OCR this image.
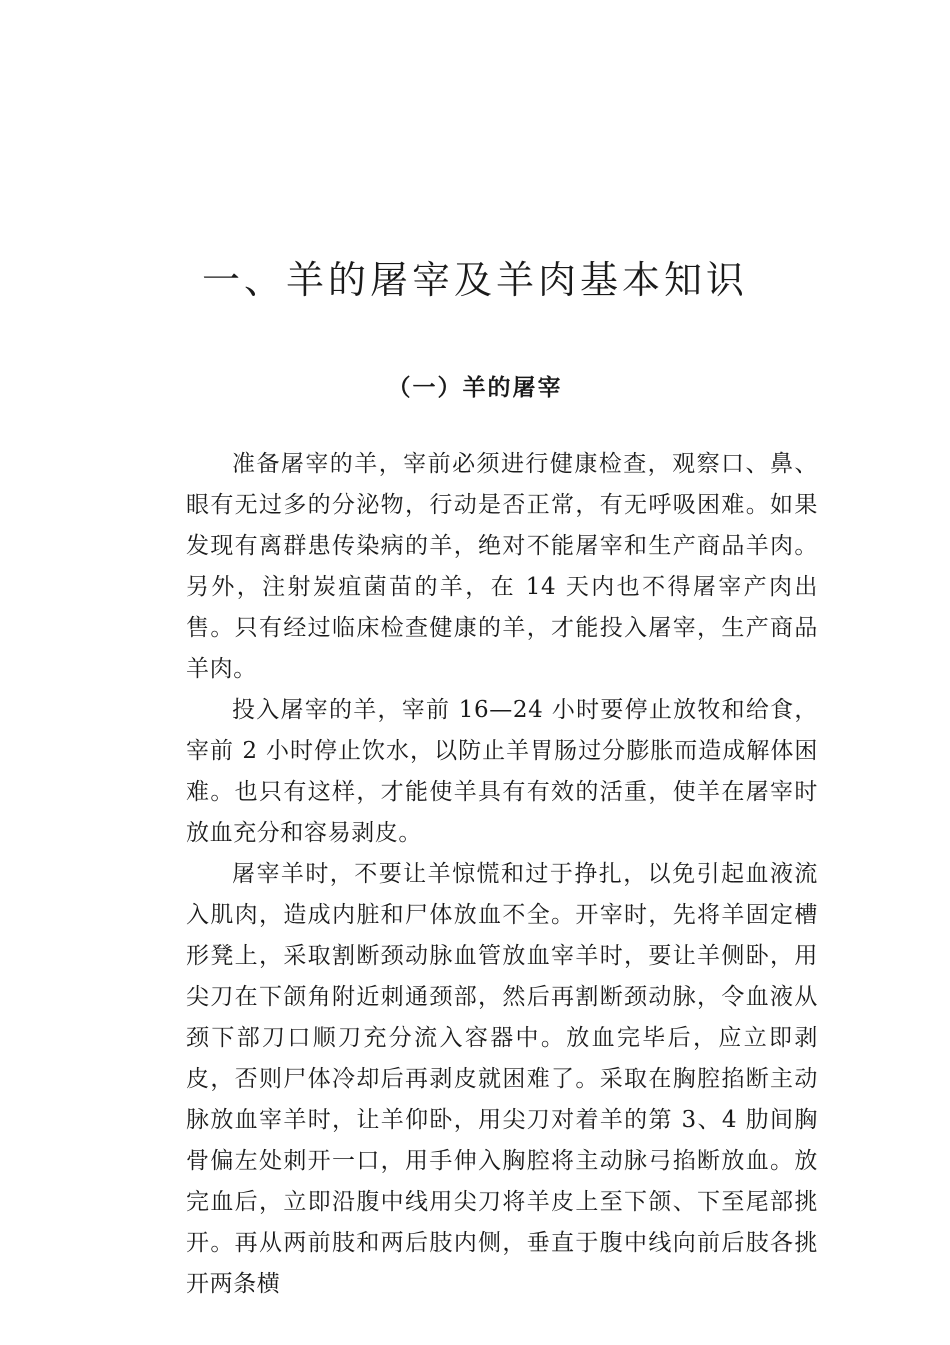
一、羊的屠宰及羊肉基本知识
（一）羊的屠宰

准备屠宰的羊，宰前必须进行健康检查，观察口、鼻、眼有无过多的分泌物，行动是否正常，有无呼吸困难。如果发现有离群患传染病的羊，绝对不能屠宰和生产商品羊肉。另外，注射炭疽菌苗的羊，在 14 天内也不得屠宰产肉出售。只有经过临床检查健康的羊，才能投入屠宰，生产商品羊肉。

投入屠宰的羊，宰前 16—24 小时要停止放牧和给食，宰前 2 小时停止饮水，以防止羊胃肠过分膨胀而造成解体困难。也只有这样，才能使羊具有有效的活重，使羊在屠宰时放血充分和容易剥皮。

屠宰羊时，不要让羊惊慌和过于挣扎，以免引起血液流入肌肉，造成内脏和尸体放血不全。开宰时，先将羊固定槽形凳上，采取割断颈动脉血管放血宰羊时，要让羊侧卧，用尖刀在下颌角附近刺通颈部，然后再割断颈动脉，令血液从颈下部刀口顺刀充分流入容器中。放血完毕后，应立即剥皮，否则尸体冷却后再剥皮就困难了。采取在胸腔掐断主动脉放血宰羊时，让羊仰卧，用尖刀对着羊的第 3、4 肋间胸骨偏左处刺开一口，用手伸入胸腔将主动脉弓掐断放血。放完血后，立即沿腹中线用尖刀将羊皮上至下颌、下至尾部挑开。再从两前肢和两后肢内侧，垂直于腹中线向前后肢各挑开两条横
